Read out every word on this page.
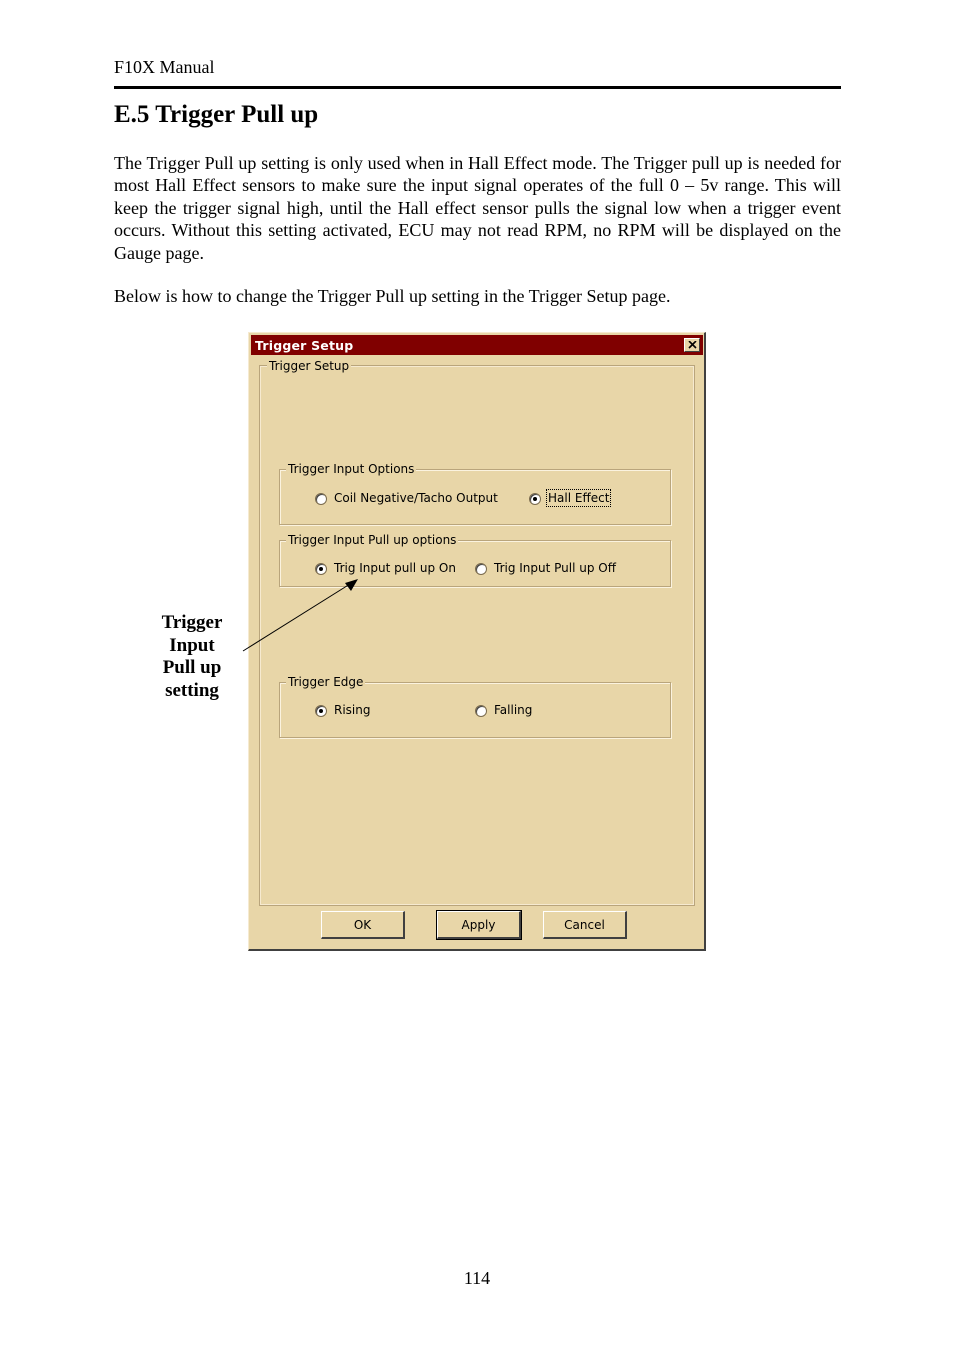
F10X Manual
E.5 Trigger Pull up

The Trigger Pull up setting is only used when in Hall Effect mode. The Trigger pull up is needed for most Hall Effect sensors to make sure the input signal operates of the full 0 – 5v range. This will keep the trigger signal high, until the Hall effect sensor pulls the signal low when a trigger event occurs. Without this setting activated, ECU may not read RPM, no RPM will be displayed on the Gauge page.

Below is how to change the Trigger Pull up setting in the Trigger Setup page.

Trigger
Input
Pull up
setting
Trigger Setup
Trigger Setup
Trigger Input Options
Coil Negative/Tacho Output	Hall Effect
Trigger Input Pull up options
Trig Input pull up On	Trig Input Pull up Off
Trigger Edge
Rising	Falling
OK	Apply	Cancel
114
